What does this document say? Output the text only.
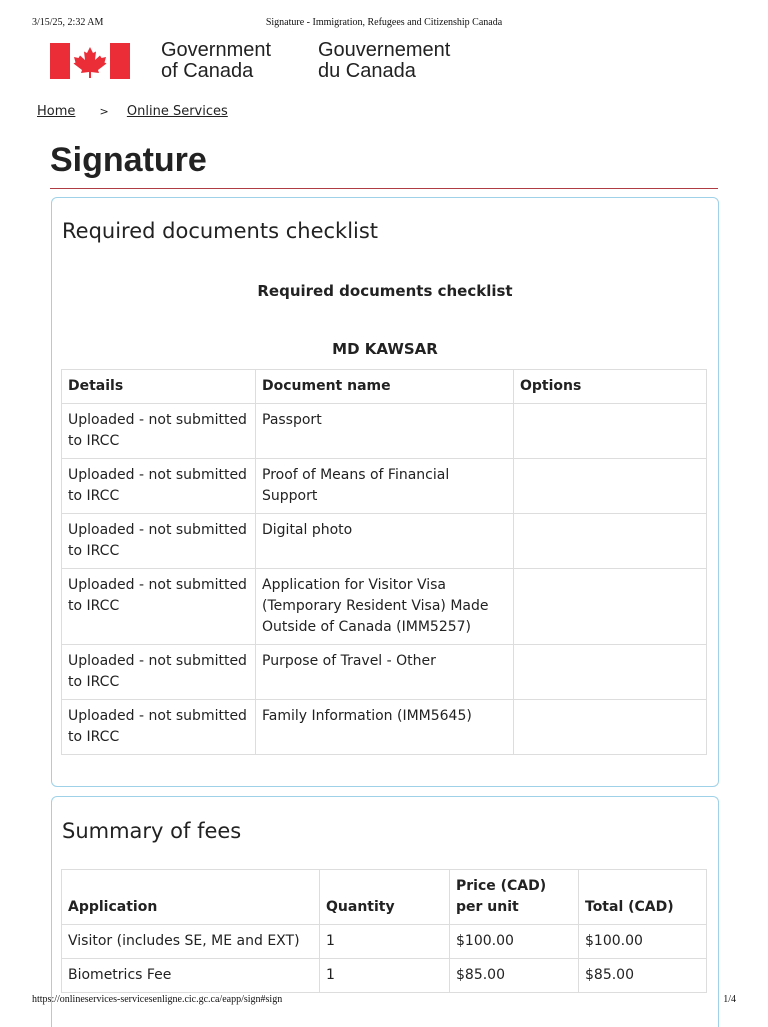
3/15/25, 2:32 AM	Signature - Immigration, Refugees and Citizenship Canada
Government
of Canada
Gouvernement
du Canada
Home > Online Services
Signature
Required documents checklist
Required documents checklist
MD KAWSAR
Details	Document name	Options
Uploaded - not submitted to IRCC	Passport	
Uploaded - not submitted to IRCC	Proof of Means of Financial Support	
Uploaded - not submitted to IRCC	Digital photo	
Uploaded - not submitted to IRCC	Application for Visitor Visa (Temporary Resident Visa) Made Outside of Canada (IMM5257)	
Uploaded - not submitted to IRCC	Purpose of Travel - Other	
Uploaded - not submitted to IRCC	Family Information (IMM5645)	
Summary of fees
Application	Quantity	Price (CAD) per unit	Total (CAD)
Visitor (includes SE, ME and EXT)	1	$100.00	$100.00
Biometrics Fee	1	$85.00	$85.00
https://onlineservices-servicesenligne.cic.gc.ca/eapp/sign#sign	1/4
